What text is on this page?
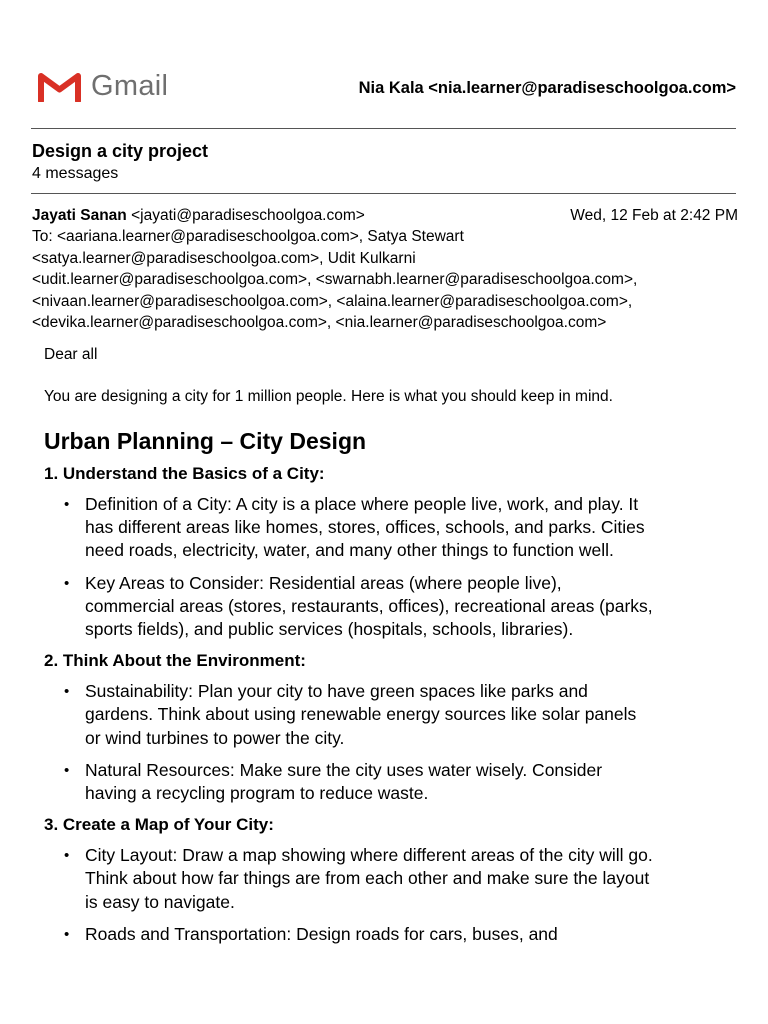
Gmail	Nia Kala <nia.learner@paradiseschoolgoa.com>
Design a city project
4 messages
Jayati Sanan <jayati@paradiseschoolgoa.com>	Wed, 12 Feb at 2:42 PM
To: <aariana.learner@paradiseschoolgoa.com>, Satya Stewart
<satya.learner@paradiseschoolgoa.com>, Udit Kulkarni
<udit.learner@paradiseschoolgoa.com>, <swarnabh.learner@paradiseschoolgoa.com>,
<nivaan.learner@paradiseschoolgoa.com>, <alaina.learner@paradiseschoolgoa.com>,
<devika.learner@paradiseschoolgoa.com>, <nia.learner@paradiseschoolgoa.com>

Dear all

You are designing a city for 1 million people. Here is what you should keep in mind.

Urban Planning – City Design
1. Understand the Basics of a City:
• Definition of a City: A city is a place where people live, work, and play. It
has different areas like homes, stores, offices, schools, and parks. Cities
need roads, electricity, water, and many other things to function well.
• Key Areas to Consider: Residential areas (where people live),
commercial areas (stores, restaurants, offices), recreational areas (parks,
sports fields), and public services (hospitals, schools, libraries).
2. Think About the Environment:
• Sustainability: Plan your city to have green spaces like parks and
gardens. Think about using renewable energy sources like solar panels
or wind turbines to power the city.
• Natural Resources: Make sure the city uses water wisely. Consider
having a recycling program to reduce waste.
3. Create a Map of Your City:
• City Layout: Draw a map showing where different areas of the city will go.
Think about how far things are from each other and make sure the layout
is easy to navigate.
• Roads and Transportation: Design roads for cars, buses, and
